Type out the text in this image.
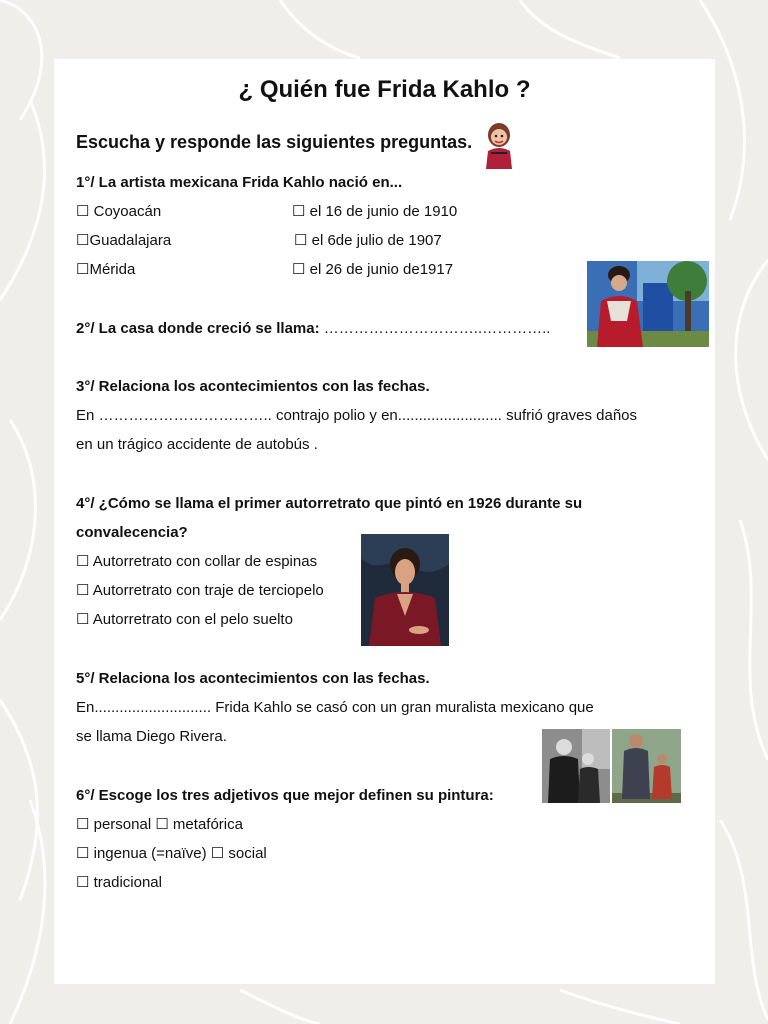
¿ Quién fue Frida Kahlo ?
Escucha y responde las siguientes preguntas.
1°/ La artista mexicana Frida Kahlo nació en...
☐ Coyoacán
☐Guadalajara
☐Mérida
☐ el 16 de junio de 1910
☐ el 6de julio de 1907
☐ el 26 de junio de1917
2°/ La casa donde creció se llama: …………………………..…………..
3°/ Relaciona los acontecimientos con las fechas.
En …………………………….. contrajo polio y en......................... sufrió graves daños
en un trágico accidente de autobús .
4°/ ¿Cómo se llama el primer autorretrato que pintó en 1926 durante su
convalecencia?
☐ Autorretrato con collar de espinas
☐ Autorretrato con traje de terciopelo
☐ Autorretrato con el pelo suelto
5°/ Relaciona los acontecimientos con las fechas.
En............................ Frida Kahlo se casó con un gran muralista mexicano que
se llama Diego Rivera.
6°/ Escoge los tres adjetivos que mejor definen su pintura:
☐ personal ☐ metafórica
☐ ingenua (=naïve) ☐ social
☐ tradicional
